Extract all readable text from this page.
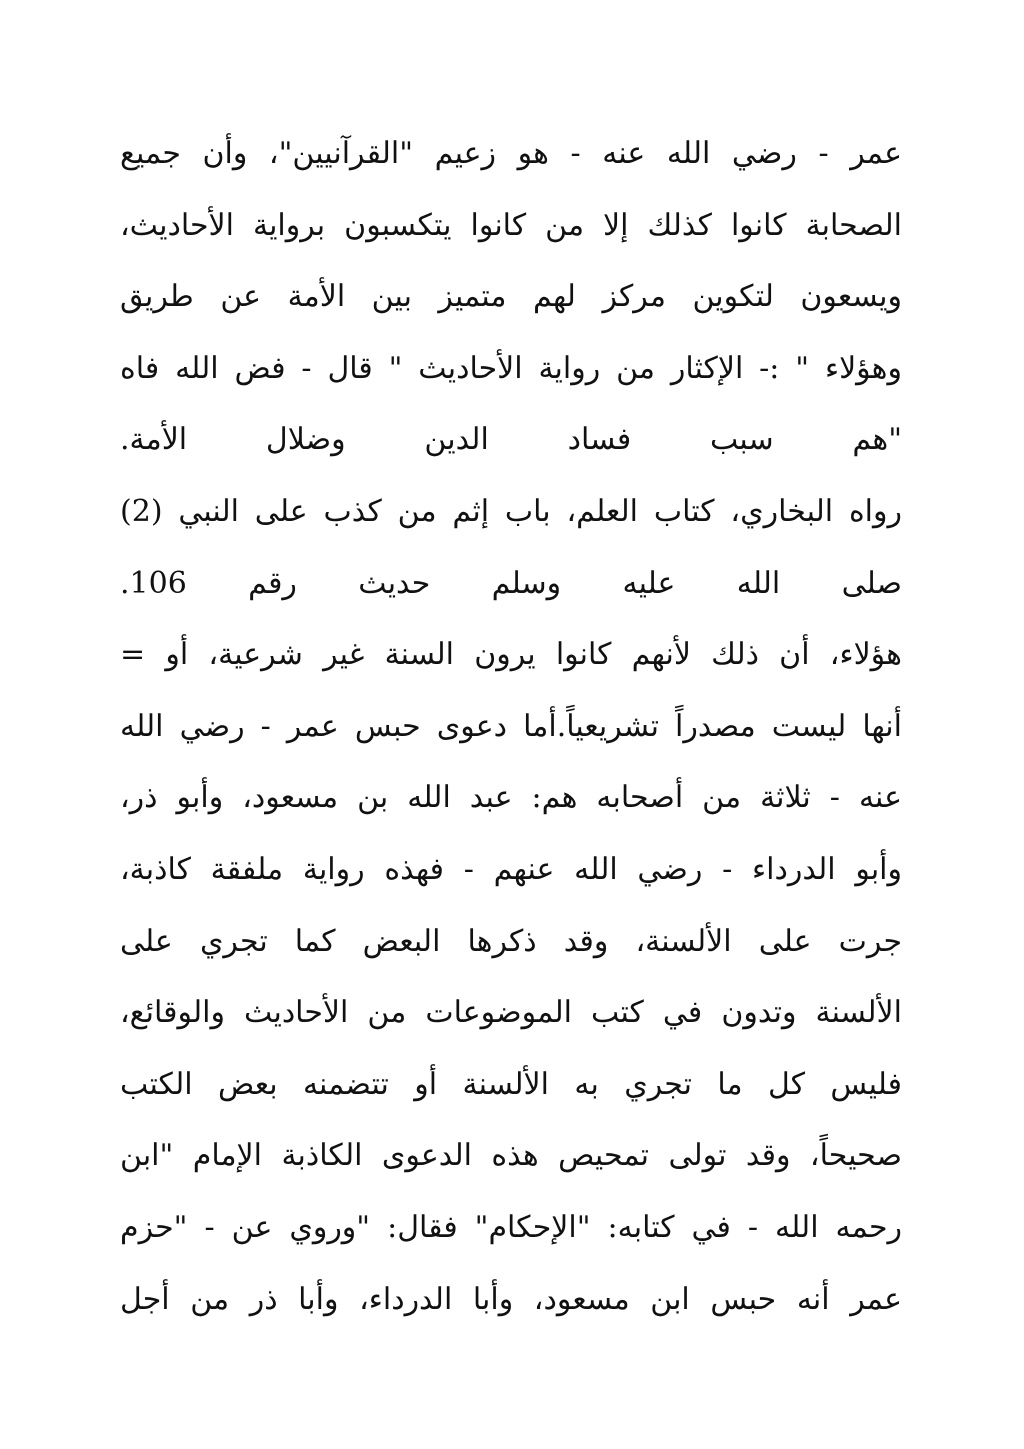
عمر - رضي الله عنه - هو زعيم "القرآنيين"، وأن جميع
الصحابة كانوا كذلك إلا من كانوا يتكسبون برواية الأحاديث،
ويسعون لتكوين مركز لهم متميز بين الأمة عن طريق
وهؤلاء " :- الإكثار من رواية الأحاديث " قال - فض الله فاه
"هم سبب فساد الدين وضلال الأمة.
رواه البخاري، كتاب العلم، باب إثم من كذب على النبي (2)
صلى الله عليه وسلم حديث رقم 106.
هؤلاء، أن ذلك لأنهم كانوا يرون السنة غير شرعية، أو =
أنها ليست مصدراً تشريعياً.أما دعوى حبس عمر - رضي الله
عنه - ثلاثة من أصحابه هم: عبد الله بن مسعود، وأبو ذر،
وأبو الدرداء - رضي الله عنهم - فهذه رواية ملفقة كاذبة،
جرت على الألسنة، وقد ذكرها البعض كما تجري على
الألسنة وتدون في كتب الموضوعات من الأحاديث والوقائع،
فليس كل ما تجري به الألسنة أو تتضمنه بعض الكتب
صحيحاً، وقد تولى تمحيص هذه الدعوى الكاذبة الإمام "ابن
رحمه الله - في كتابه: "الإحكام" فقال: "وروي عن - "حزم
عمر أنه حبس ابن مسعود، وأبا الدرداء، وأبا ذر من أجل
